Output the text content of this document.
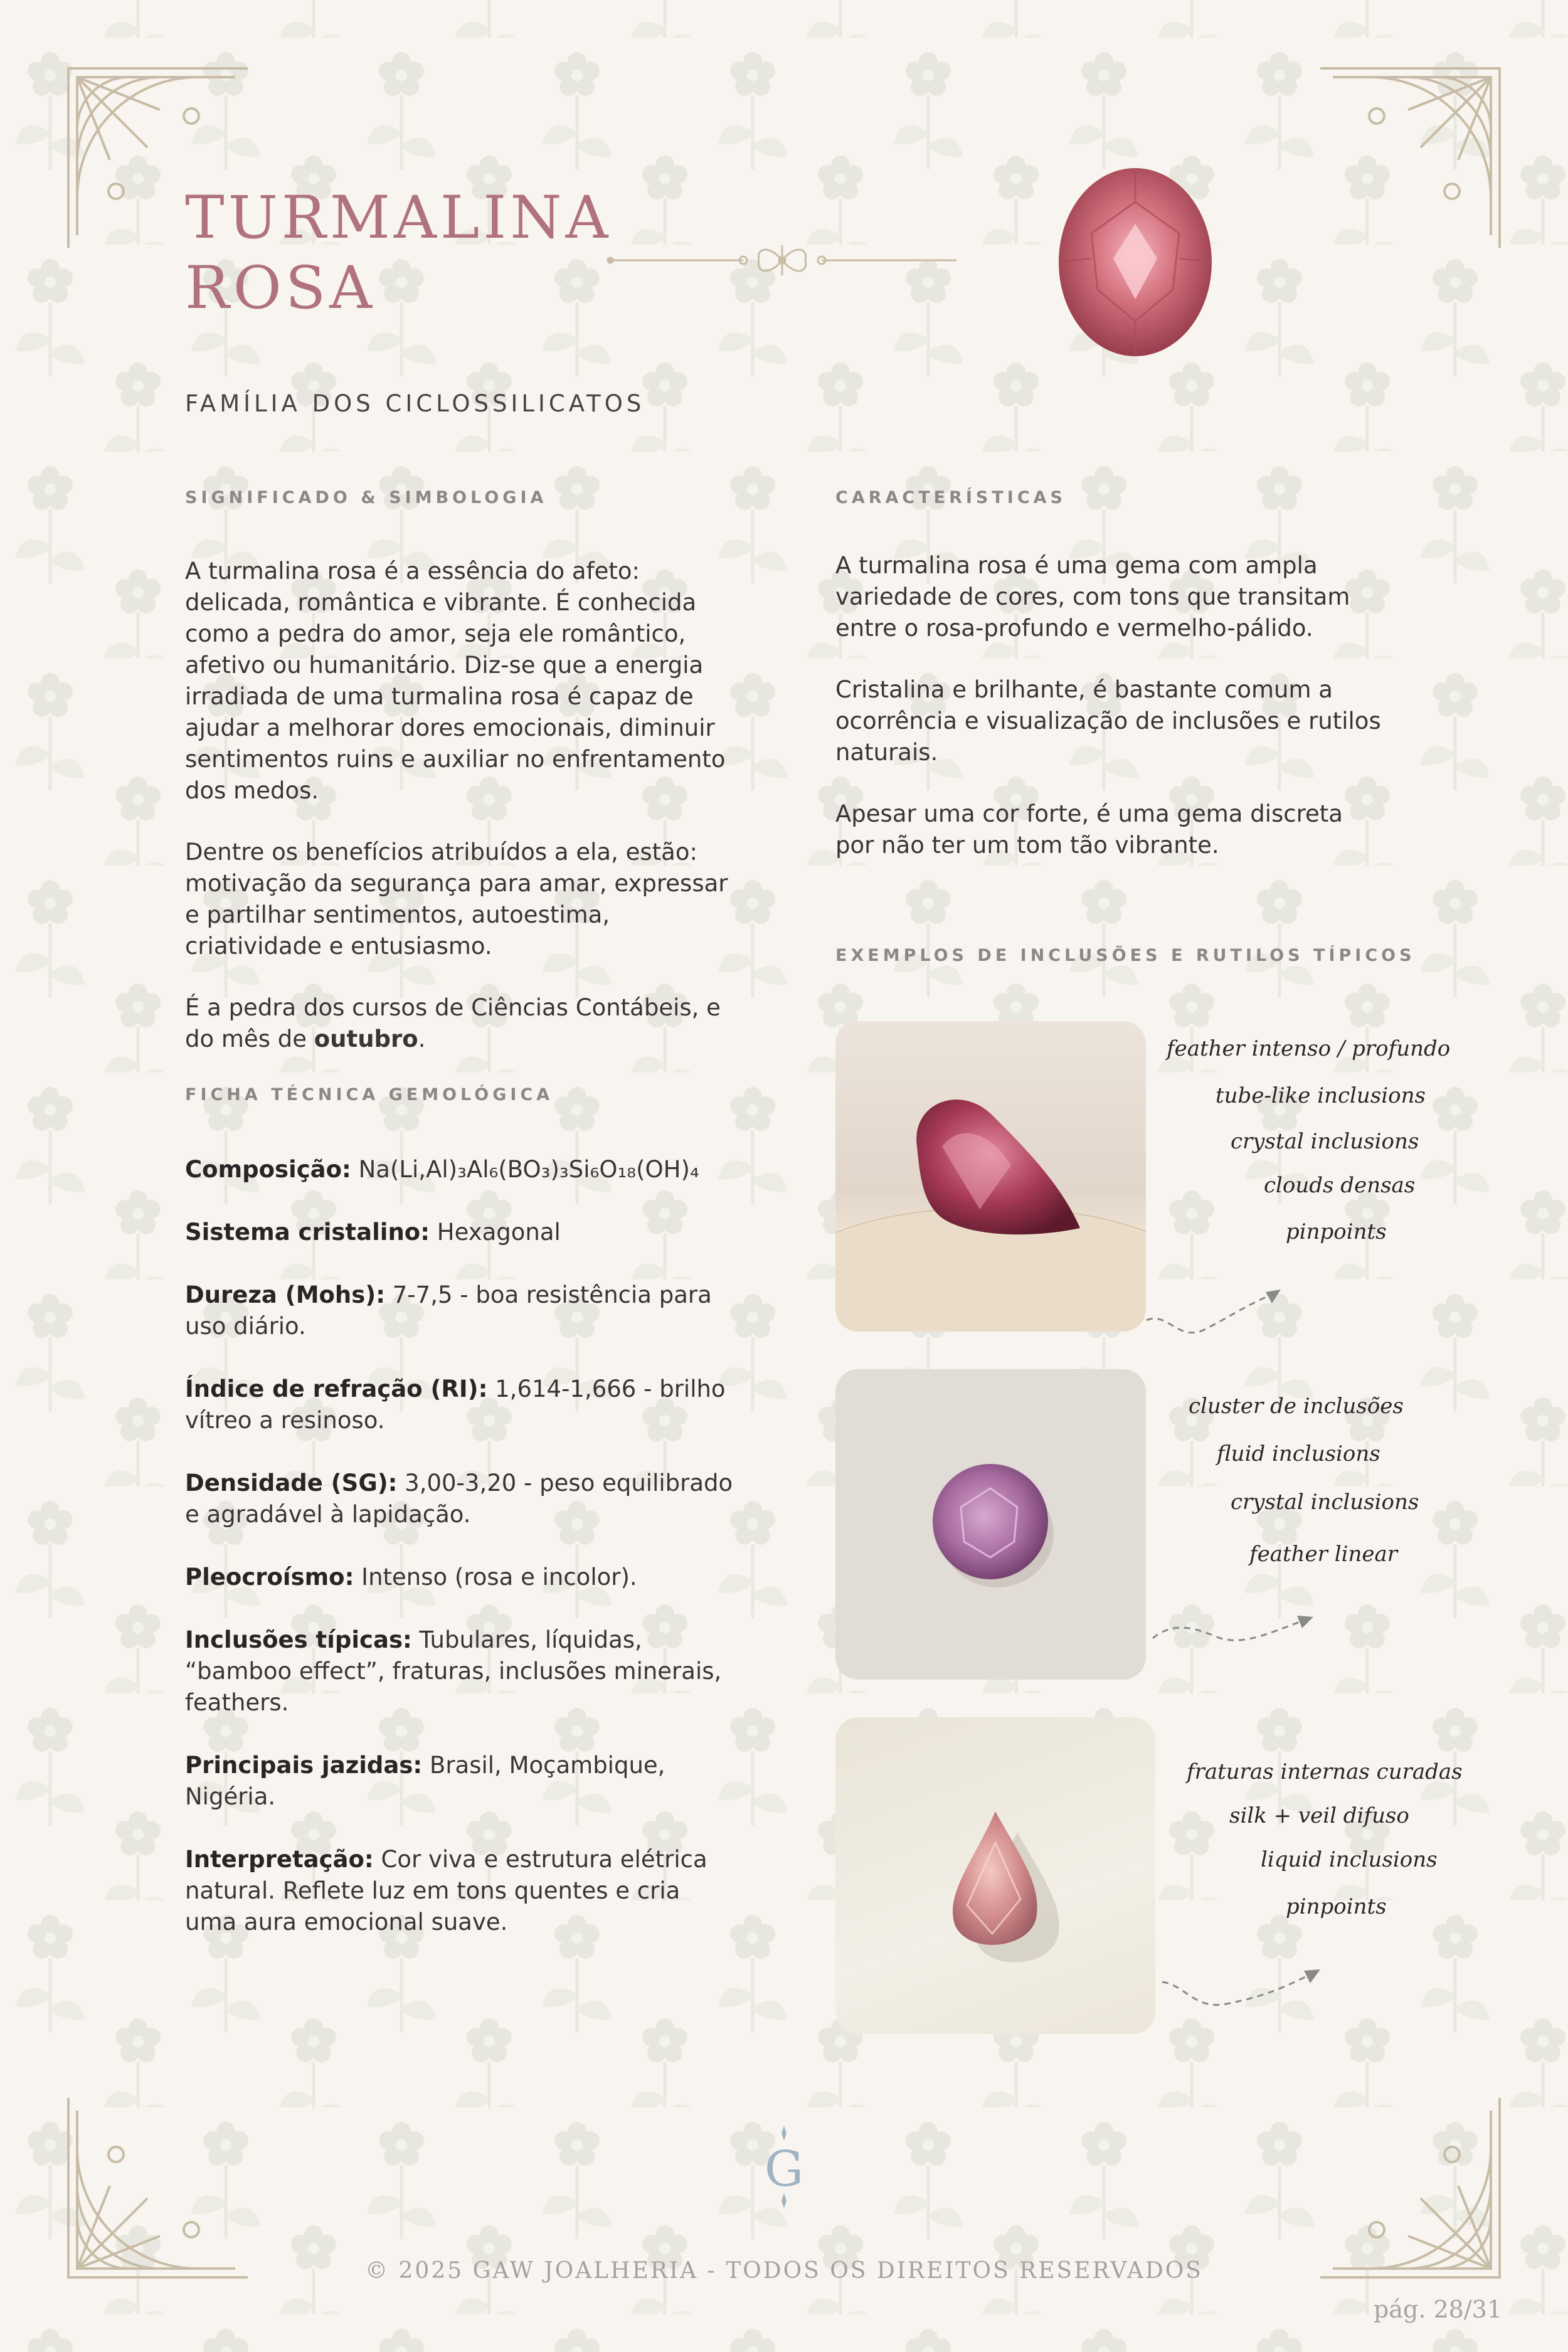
TURMALINA
ROSA
FAMÍLIA DOS CICLOSSILICATOS
SIGNIFICADO & SIMBOLOGIA

A turmalina rosa é a essência do afeto: delicada, romântica e vibrante. É conhecida como a pedra do amor, seja ele romântico, afetivo ou humanitário. Diz-se que a energia irradiada de uma turmalina rosa é capaz de ajudar a melhorar dores emocionais, diminuir sentimentos ruins e auxiliar no enfrentamento dos medos.

Dentre os benefícios atribuídos a ela, estão: motivação da segurança para amar, expressar e partilhar sentimentos, autoestima, criatividade e entusiasmo.

É a pedra dos cursos de Ciências Contábeis, e do mês de outubro.

FICHA TÉCNICA GEMOLÓGICA

Composição: Na(Li,Al)₃Al₆(BO₃)₃Si₆O₁₈(OH)₄

Sistema cristalino: Hexagonal

Dureza (Mohs): 7-7,5 - boa resistência para uso diário.

Índice de refração (RI): 1,614-1,666 - brilho vítreo a resinoso.

Densidade (SG): 3,00-3,20 - peso equilibrado e agradável à lapidação.

Pleocroísmo: Intenso (rosa e incolor).

Inclusões típicas: Tubulares, líquidas, “bamboo effect”, fraturas, inclusões minerais, feathers.

Principais jazidas: Brasil, Moçambique, Nigéria.

Interpretação: Cor viva e estrutura elétrica natural. Reflete luz em tons quentes e cria uma aura emocional suave.

CARACTERÍSTICAS

A turmalina rosa é uma gema com ampla variedade de cores, com tons que transitam entre o rosa-profundo e vermelho-pálido.

Cristalina e brilhante, é bastante comum a ocorrência e visualização de inclusões e rutilos naturais.

Apesar uma cor forte, é uma gema discreta por não ter um tom tão vibrante.

EXEMPLOS DE INCLUSÕES E RUTILOS TÍPICOS
feather intenso / profundo
tube-like inclusions
crystal inclusions
clouds densas
pinpoints
cluster de inclusões
fluid inclusions
crystal inclusions
feather linear
fraturas internas curadas
silk + veil difuso
liquid inclusions
pinpoints
G
© 2025 GAW JOALHERIA - TODOS OS DIREITOS RESERVADOS
pág. 28/31
